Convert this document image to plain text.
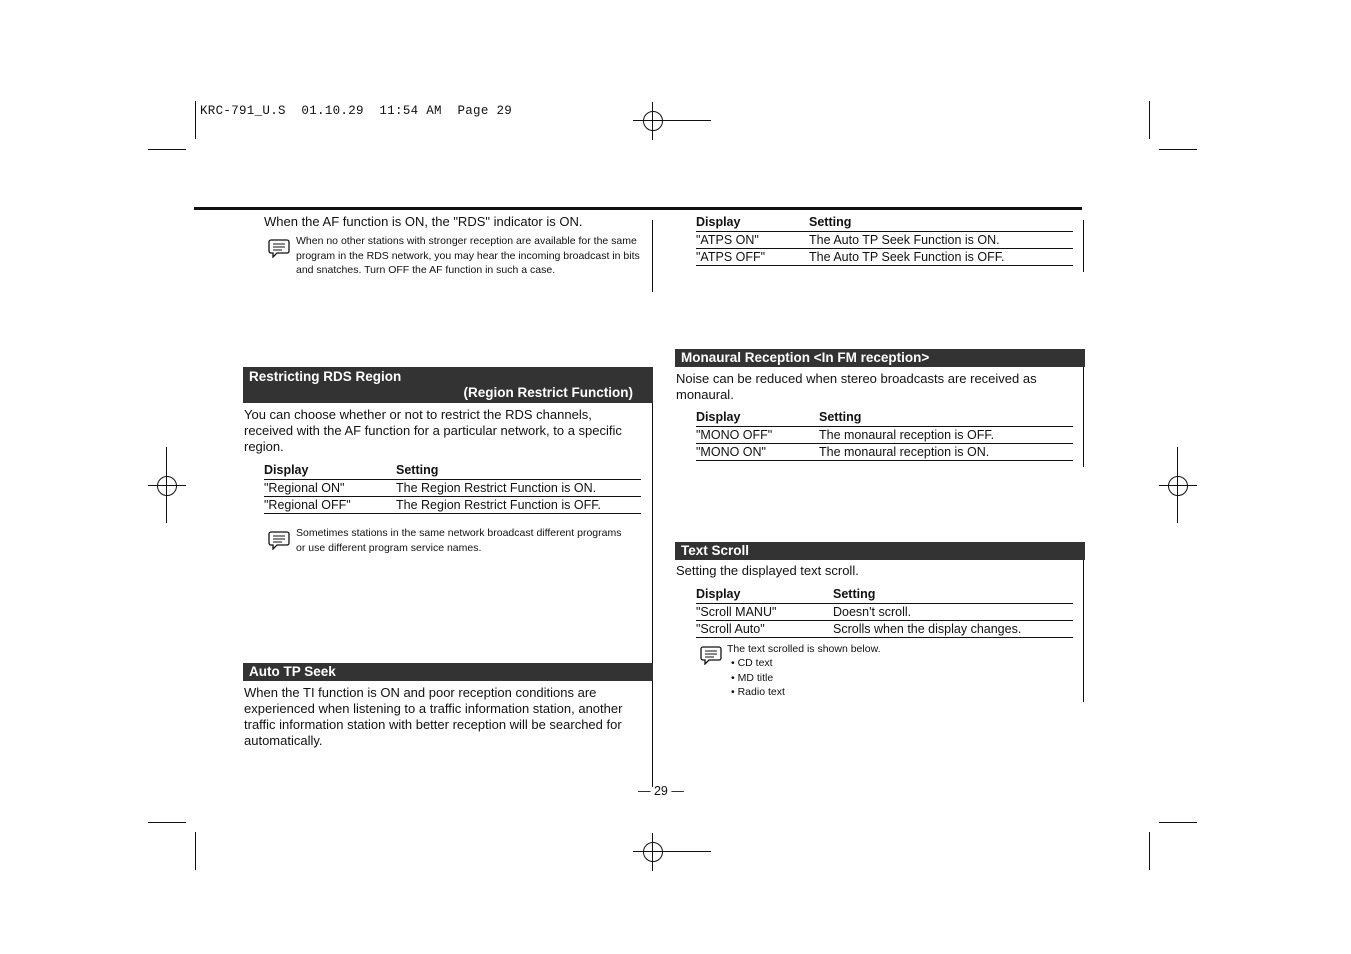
KRC-791_U.S  01.10.29  11:54 AM  Page 29
When the AF function is ON, the "RDS" indicator is ON.
When no other stations with stronger reception are available for the same program in the RDS network, you may hear the incoming broadcast in bits and snatches. Turn OFF the AF function in such a case.
Restricting RDS Region
(Region Restrict Function)
You can choose whether or not to restrict the RDS channels, received with the AF function for a particular network, to a specific region.
Display	Setting
"Regional ON"	The Region Restrict Function is ON.
"Regional OFF"	The Region Restrict Function is OFF.
Sometimes stations in the same network broadcast different programs or use different program service names.
Auto TP Seek
When the TI function is ON and poor reception conditions are experienced when listening to a traffic information station, another traffic information station with better reception will be searched for automatically.
Display	Setting
"ATPS ON"	The Auto TP Seek Function is ON.
"ATPS OFF"	The Auto TP Seek Function is OFF.
Monaural Reception <In FM reception>
Noise can be reduced when stereo broadcasts are received as monaural.
Display	Setting
"MONO OFF"	The monaural reception is OFF.
"MONO ON"	The monaural reception is ON.
Text Scroll
Setting the displayed text scroll.
Display	Setting
"Scroll MANU"	Doesn't scroll.
"Scroll Auto"	Scrolls when the display changes.
The text scrolled is shown below.
• CD text
• MD title
• Radio text
— 29 —
